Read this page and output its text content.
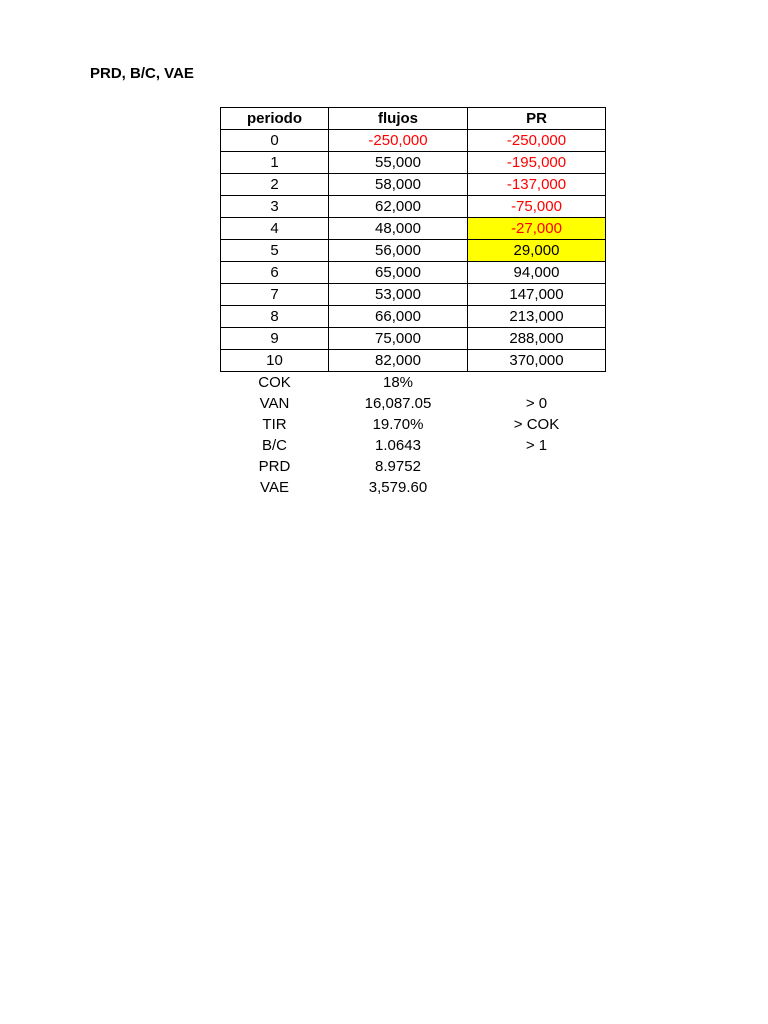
PRD, B/C, VAE
periodo	flujos	PR
0	-250,000	-250,000
1	55,000	-195,000
2	58,000	-137,000
3	62,000	-75,000
4	48,000	-27,000
5	56,000	29,000
6	65,000	94,000
7	53,000	147,000
8	66,000	213,000
9	75,000	288,000
10	82,000	370,000
COK	18%	
VAN	16,087.05	> 0
TIR	19.70%	> COK
B/C	1.0643	> 1
PRD	8.9752	
VAE	3,579.60	
